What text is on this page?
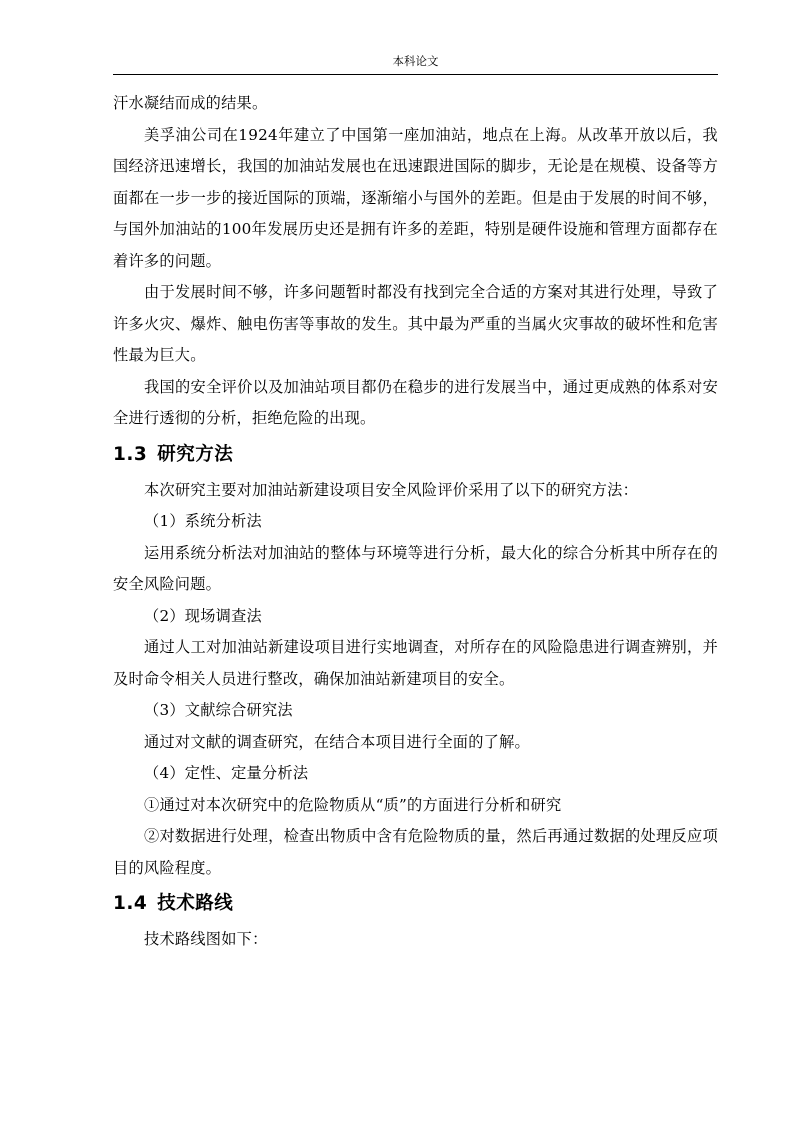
本科论文

汗水凝结而成的结果。

美孚油公司在1924年建立了中国第一座加油站，地点在上海。从改革开放以后，我国经济迅速增长，我国的加油站发展也在迅速跟进国际的脚步，无论是在规模、设备等方面都在一步一步的接近国际的顶端，逐渐缩小与国外的差距。但是由于发展的时间不够，与国外加油站的100年发展历史还是拥有许多的差距，特别是硬件设施和管理方面都存在着许多的问题。

由于发展时间不够，许多问题暂时都没有找到完全合适的方案对其进行处理，导致了许多火灾、爆炸、触电伤害等事故的发生。其中最为严重的当属火灾事故的破坏性和危害性最为巨大。

我国的安全评价以及加油站项目都仍在稳步的进行发展当中，通过更成熟的体系对安全进行透彻的分析，拒绝危险的出现。

1.3 研究方法

本次研究主要对加油站新建设项目安全风险评价采用了以下的研究方法：

（1）系统分析法

运用系统分析法对加油站的整体与环境等进行分析，最大化的综合分析其中所存在的安全风险问题。

（2）现场调查法

通过人工对加油站新建设项目进行实地调查，对所存在的风险隐患进行调查辨别，并及时命令相关人员进行整改，确保加油站新建项目的安全。

（3）文献综合研究法

通过对文献的调查研究，在结合本项目进行全面的了解。

（4）定性、定量分析法

①通过对本次研究中的危险物质从“质”的方面进行分析和研究

②对数据进行处理，检查出物质中含有危险物质的量，然后再通过数据的处理反应项目的风险程度。

1.4 技术路线

技术路线图如下：
